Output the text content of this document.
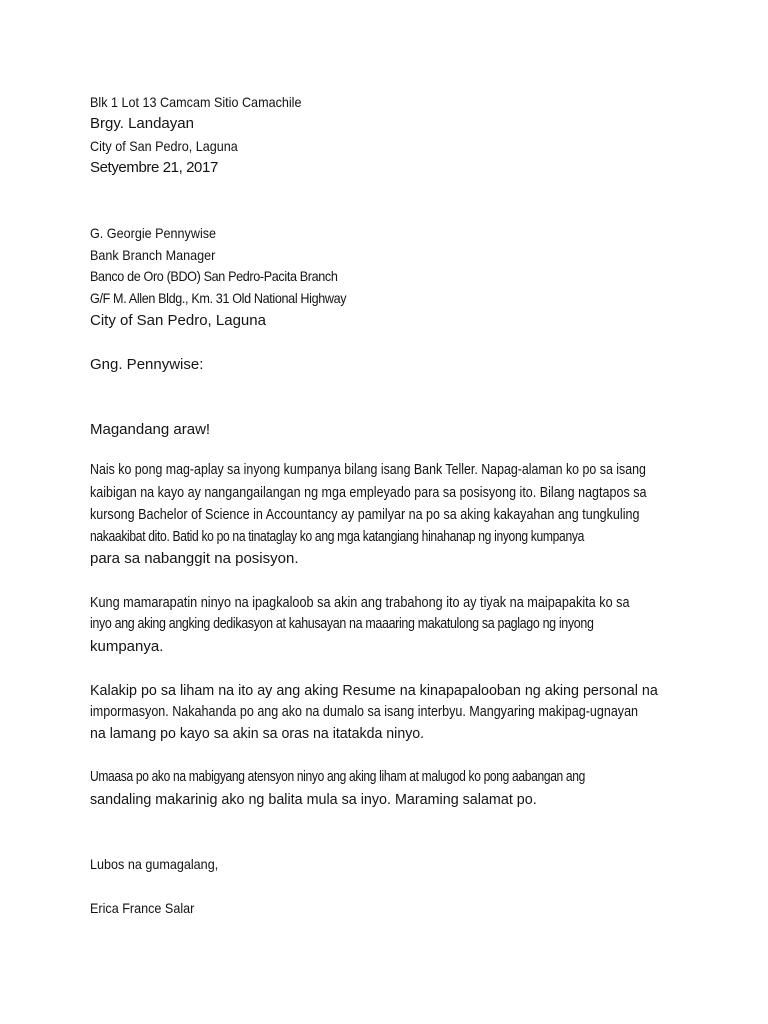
Blk 1 Lot 13 Camcam Sitio Camachile
Brgy. Landayan
City of San Pedro, Laguna
Setyembre 21, 2017
G. Georgie Pennywise
Bank Branch Manager
Banco de Oro (BDO) San Pedro-Pacita Branch
G/F M. Allen Bldg., Km. 31 Old National Highway
City of San Pedro, Laguna
Gng. Pennywise:
Magandang araw!
Nais ko pong mag-aplay sa inyong kumpanya bilang isang Bank Teller. Napag-alaman ko po sa isang
kaibigan na kayo ay nangangailangan ng mga empleyado para sa posisyong ito. Bilang nagtapos sa
kursong Bachelor of Science in Accountancy ay pamilyar na po sa aking kakayahan ang tungkuling
nakaakibat dito. Batid ko po na tinataglay ko ang mga katangiang hinahanap ng inyong kumpanya
para sa nabanggit na posisyon.
Kung mamarapatin ninyo na ipagkaloob sa akin ang trabahong ito ay tiyak na maipapakita ko sa
inyo ang aking angking dedikasyon at kahusayan na maaaring makatulong sa paglago ng inyong
kumpanya.
Kalakip po sa liham na ito ay ang aking Resume na kinapapalooban ng aking personal na
impormasyon. Nakahanda po ang ako na dumalo sa isang interbyu. Mangyaring makipag-ugnayan
na lamang po kayo sa akin sa oras na itatakda ninyo.
Umaasa po ako na mabigyang atensyon ninyo ang aking liham at malugod ko pong aabangan ang
sandaling makarinig ako ng balita mula sa inyo. Maraming salamat po.
Lubos na gumagalang,
Erica France Salar
